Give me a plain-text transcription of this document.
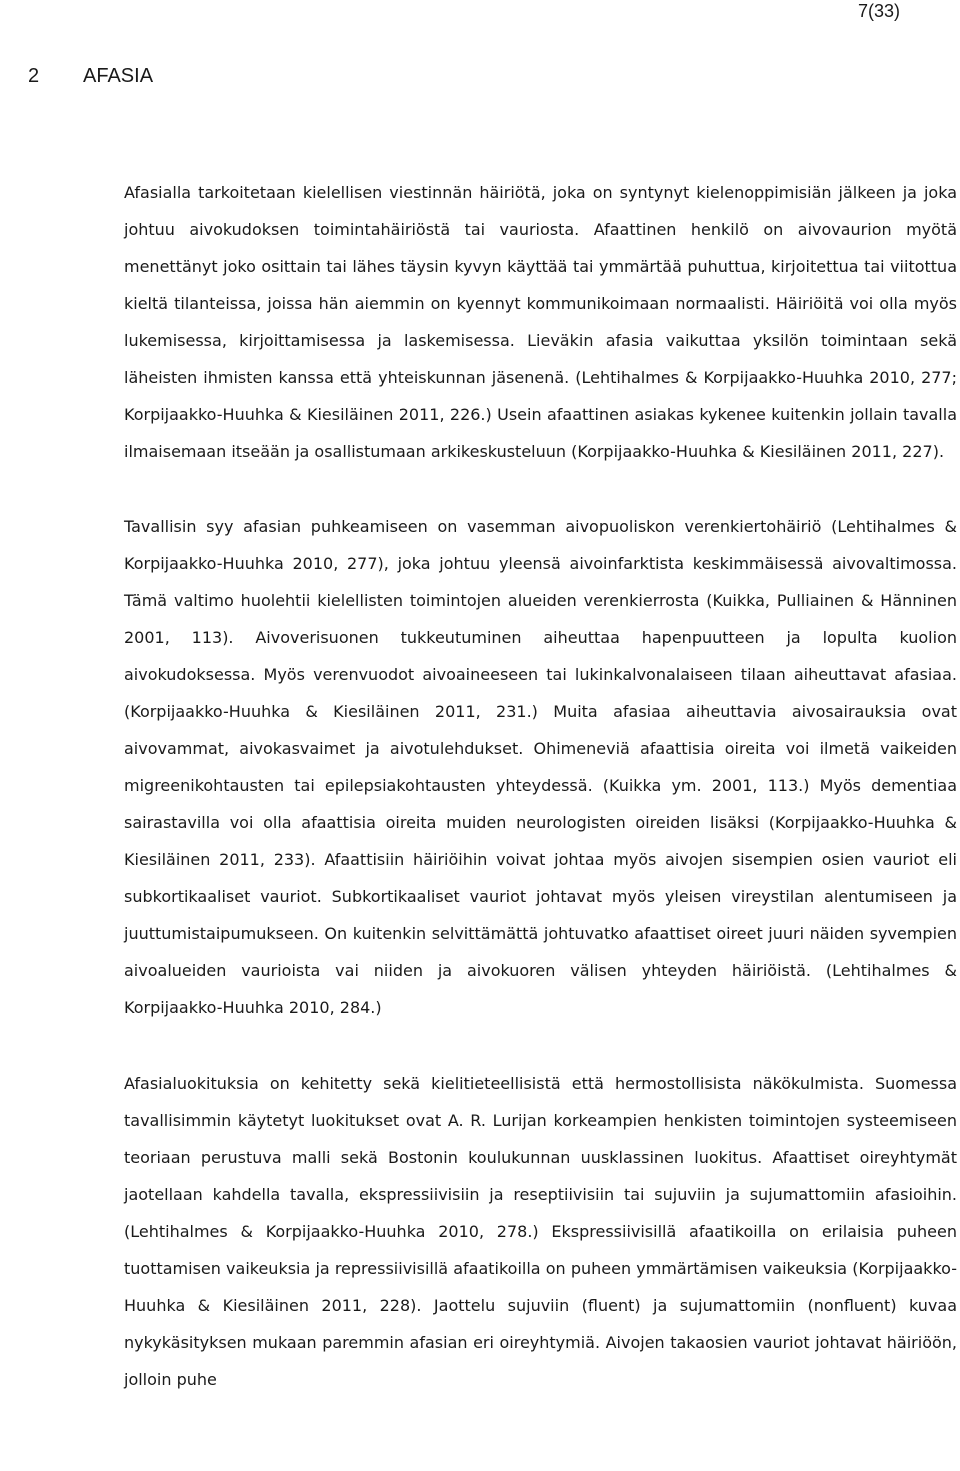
7(33)
2 AFASIA

Afasialla tarkoitetaan kielellisen viestinnän häiriötä, joka on syntynyt kielenoppimisiän jälkeen ja joka johtuu aivokudoksen toimintahäiriöstä tai vauriosta. Afaattinen henkilö on aivovaurion myötä menettänyt joko osittain tai lähes täysin kyvyn käyttää tai ymmärtää puhuttua, kirjoitettua tai viitottua kieltä tilanteissa, joissa hän aiemmin on kyennyt kommunikoimaan normaalisti. Häiriöitä voi olla myös lukemisessa, kirjoittamisessa ja laskemisessa. Lieväkin afasia vaikuttaa yksilön toimintaan sekä läheisten ihmisten kanssa että yhteiskunnan jäsenenä. (Lehtihalmes & Korpijaakko-Huuhka 2010, 277; Korpijaakko-Huuhka & Kiesiläinen 2011, 226.) Usein afaattinen asiakas kykenee kuitenkin jollain tavalla ilmaisemaan itseään ja osallistumaan arkikeskusteluun (Korpijaakko-Huuhka & Kiesiläinen 2011, 227).

Tavallisin syy afasian puhkeamiseen on vasemman aivopuoliskon verenkiertohäiriö (Lehtihalmes & Korpijaakko-Huuhka 2010, 277), joka johtuu yleensä aivoinfarktista keskimmäisessä aivovaltimossa. Tämä valtimo huolehtii kielellisten toimintojen alueiden verenkierrosta (Kuikka, Pulliainen & Hänninen 2001, 113). Aivoverisuonen tukkeutuminen aiheuttaa hapenpuutteen ja lopulta kuolion aivokudoksessa. Myös verenvuodot aivoaineeseen tai lukinkalvonalaiseen tilaan aiheuttavat afasiaa. (Korpijaakko-Huuhka & Kiesiläinen 2011, 231.) Muita afasiaa aiheuttavia aivosairauksia ovat aivovammat, aivokasvaimet ja aivotulehdukset. Ohimeneviä afaattisia oireita voi ilmetä vaikeiden migreenikohtausten tai epilepsiakohtausten yhteydessä. (Kuikka ym. 2001, 113.) Myös dementiaa sairastavilla voi olla afaattisia oireita muiden neurologisten oireiden lisäksi (Korpijaakko-Huuhka & Kiesiläinen 2011, 233). Afaattisiin häiriöihin voivat johtaa myös aivojen sisempien osien vauriot eli subkortikaaliset vauriot. Subkortikaaliset vauriot johtavat myös yleisen vireystilan alentumiseen ja juuttumistaipumukseen. On kuitenkin selvittämättä johtuvatko afaattiset oireet juuri näiden syvempien aivoalueiden vaurioista vai niiden ja aivokuoren välisen yhteyden häiriöistä. (Lehtihalmes & Korpijaakko-Huuhka 2010, 284.)

Afasialuokituksia on kehitetty sekä kielitieteellisistä että hermostollisista näkökulmista. Suomessa tavallisimmin käytetyt luokitukset ovat A. R. Lurijan korkeampien henkisten toimintojen systeemiseen teoriaan perustuva malli sekä Bostonin koulukunnan uusklassinen luokitus. Afaattiset oireyhtymät jaotellaan kahdella tavalla, ekspressiivisiin ja reseptiivisiin tai sujuviin ja sujumattomiin afasioihin. (Lehtihalmes & Korpijaakko-Huuhka 2010, 278.) Ekspressiivisillä afaatikoilla on erilaisia puheen tuottamisen vaikeuksia ja repressiivisillä afaatikoilla on puheen ymmärtämisen vaikeuksia (Korpijaakko-Huuhka & Kiesiläinen 2011, 228). Jaottelu sujuviin (fluent) ja sujumattomiin (nonfluent) kuvaa nykykäsityksen mukaan paremmin afasian eri oireyhtymiä. Aivojen takaosien vauriot johtavat häiriöön, jolloin puhe
